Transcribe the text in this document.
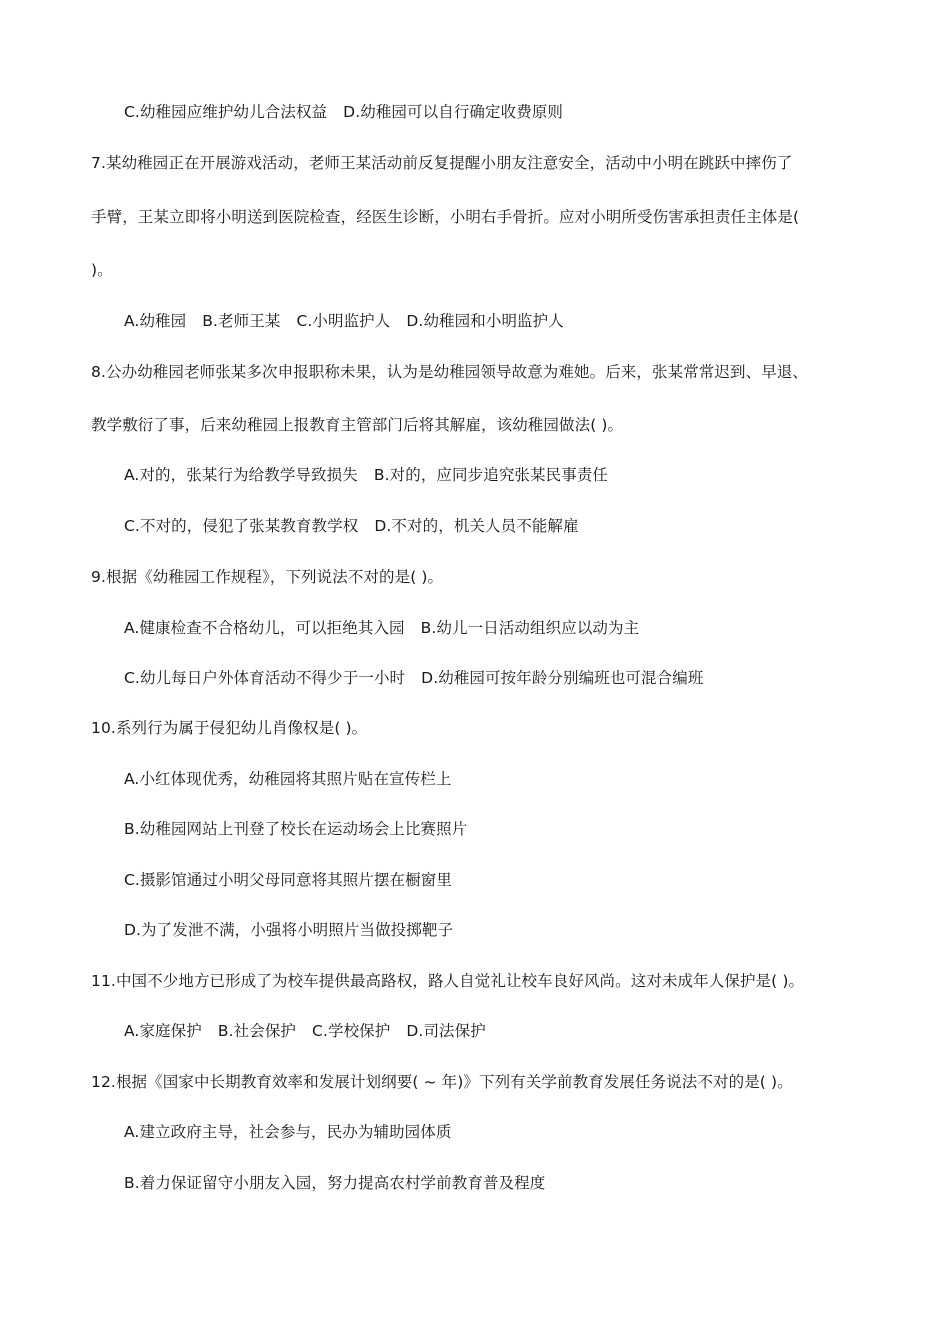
C.幼稚园应维护幼儿合法权益 D.幼稚园可以自行确定收费原则
7.某幼稚园正在开展游戏活动，老师王某活动前反复提醒小朋友注意安全，活动中小明在跳跃中摔伤了
手臂，王某立即将小明送到医院检查，经医生诊断，小明右手骨折。应对小明所受伤害承担责任主体是(
)。
A.幼稚园 B.老师王某 C.小明监护人 D.幼稚园和小明监护人
8.公办幼稚园老师张某多次申报职称未果，认为是幼稚园领导故意为难她。后来，张某常常迟到、早退、
教学敷衍了事，后来幼稚园上报教育主管部门后将其解雇，该幼稚园做法( )。
A.对的，张某行为给教学导致损失 B.对的，应同步追究张某民事责任
C.不对的，侵犯了张某教育教学权 D.不对的，机关人员不能解雇
9.根据《幼稚园工作规程》，下列说法不对的是( )。
A.健康检查不合格幼儿，可以拒绝其入园 B.幼儿一日活动组织应以动为主
C.幼儿每日户外体育活动不得少于一小时 D.幼稚园可按年龄分别编班也可混合编班
10.系列行为属于侵犯幼儿肖像权是( )。
A.小红体现优秀，幼稚园将其照片贴在宣传栏上
B.幼稚园网站上刊登了校长在运动场会上比赛照片
C.摄影馆通过小明父母同意将其照片摆在橱窗里
D.为了发泄不满，小强将小明照片当做投掷靶子
11.中国不少地方已形成了为校车提供最高路权，路人自觉礼让校车良好风尚。这对未成年人保护是( )。
A.家庭保护 B.社会保护 C.学校保护 D.司法保护
12.根据《国家中长期教育效率和发展计划纲要( ~ 年)》下列有关学前教育发展任务说法不对的是( )。
A.建立政府主导，社会参与，民办为辅助园体质
B.着力保证留守小朋友入园，努力提高农村学前教育普及程度
